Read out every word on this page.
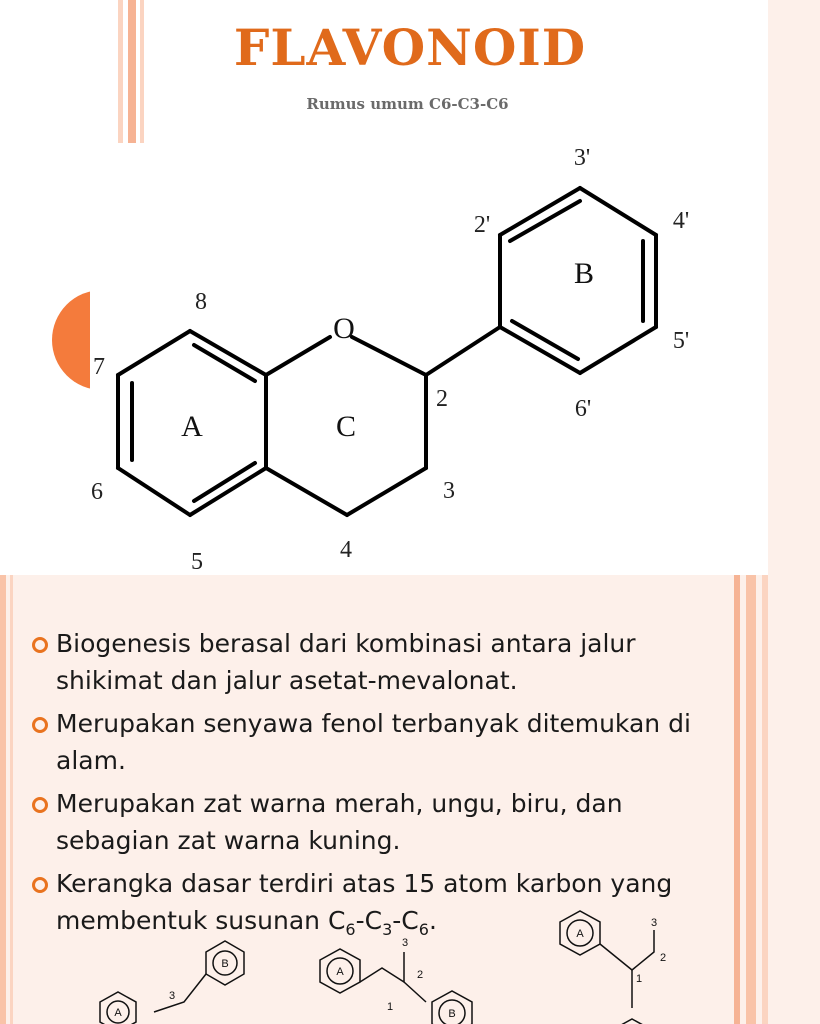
FLAVONOID

Rumus umum C6-C3-C6

O
A	C
B
8
7
6
5	4
3
2
2'
3'
4'
5'
6'
Biogenesis berasal dari kombinasi antara jalur shikimat dan jalur asetat-mevalonat.
Merupakan senyawa fenol terbanyak ditemukan di alam.
Merupakan zat warna merah, ungu, biru, dan sebagian zat warna kuning.
Kerangka dasar terdiri atas 15 atom karbon yang membentuk susunan $C_6-C_3-C_6$.
A
B
3
A
3
2
1
B
A
3
2
1
